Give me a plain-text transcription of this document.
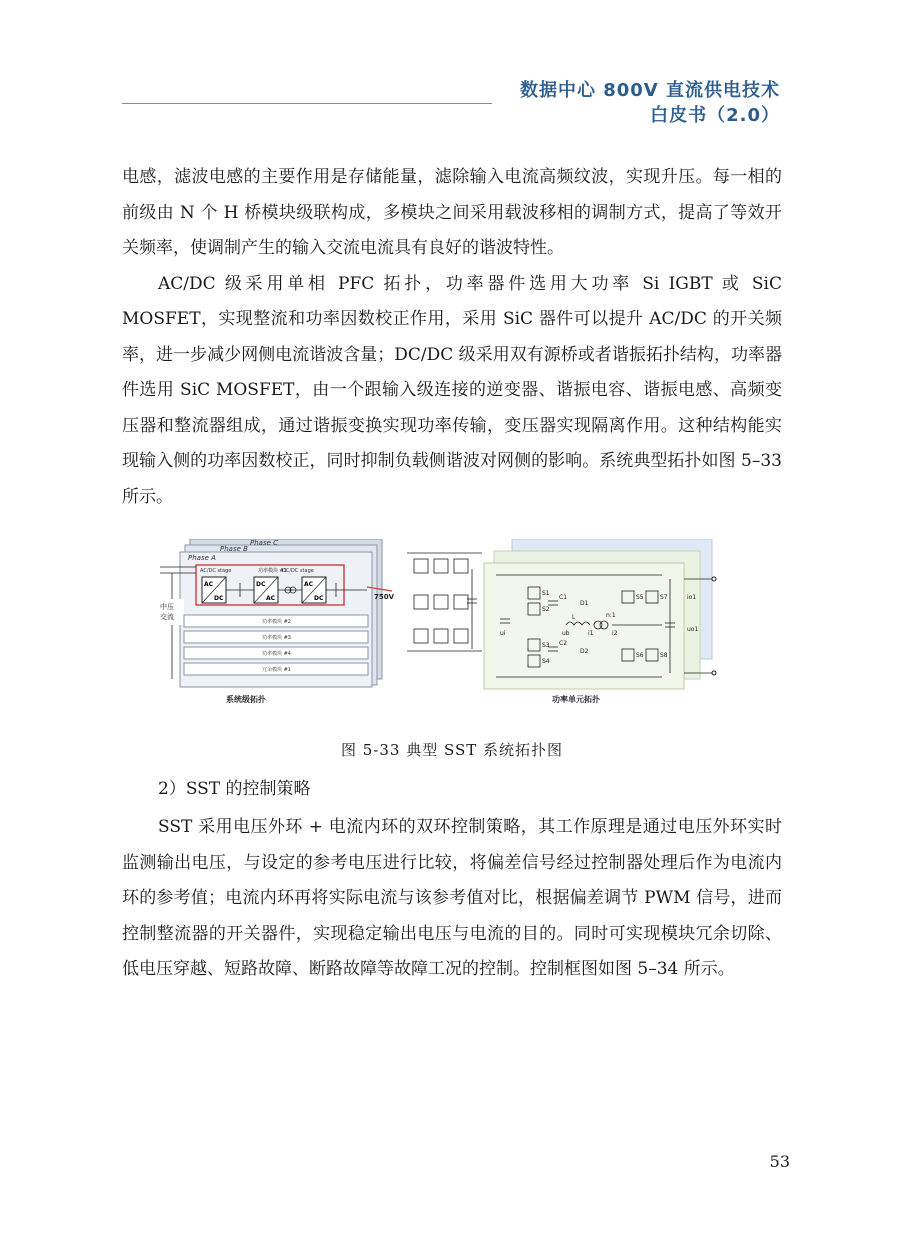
数据中心 800V 直流供电技术
白皮书（2.0）

电感，滤波电感的主要作用是存储能量，滤除输入电流高频纹波，实现升压。每一相的前级由 N 个 H 桥模块级联构成，多模块之间采用载波移相的调制方式，提高了等效开关频率，使调制产生的输入交流电流具有良好的谐波特性。

AC/DC 级采用单相 PFC 拓扑，功率器件选用大功率 Si IGBT 或 SiC MOSFET，实现整流和功率因数校正作用，采用 SiC 器件可以提升 AC/DC 的开关频率，进一步减少网侧电流谐波含量；DC/DC 级采用双有源桥或者谐振拓扑结构，功率器件选用 SiC MOSFET，由一个跟输入级连接的逆变器、谐振电容、谐振电感、高频变压器和整流器组成，通过谐振变换实现功率传输，变压器实现隔离作用。这种结构能实现输入侧的功率因数校正，同时抑制负载侧谐波对网侧的影响。系统典型拓扑如图 5–33 所示。

Phase C
Phase B
Phase A
功率模块 #1
AC/DC stage	DC/DC stage
AC
DC
DC
AC
AC
DC	750V
中压
交流
功率模块 #2
功率模块 #3
功率模块 #4
冗余模块 #1
系统级拓扑
S1
S2
S3
S4
S5
S6
S7
S8
C1
C2
D1
D2
L	n:1
ui	ub
io1
uo1
i1	i2
功率单元拓扑
图 5-33 典型 SST 系统拓扑图
2）SST 的控制策略

SST 采用电压外环 + 电流内环的双环控制策略，其工作原理是通过电压外环实时监测输出电压，与设定的参考电压进行比较，将偏差信号经过控制器处理后作为电流内环的参考值；电流内环再将实际电流与该参考值对比，根据偏差调节 PWM 信号，进而控制整流器的开关器件，实现稳定输出电压与电流的目的。同时可实现模块冗余切除、低电压穿越、短路故障、断路故障等故障工况的控制。控制框图如图 5–34 所示。

53
